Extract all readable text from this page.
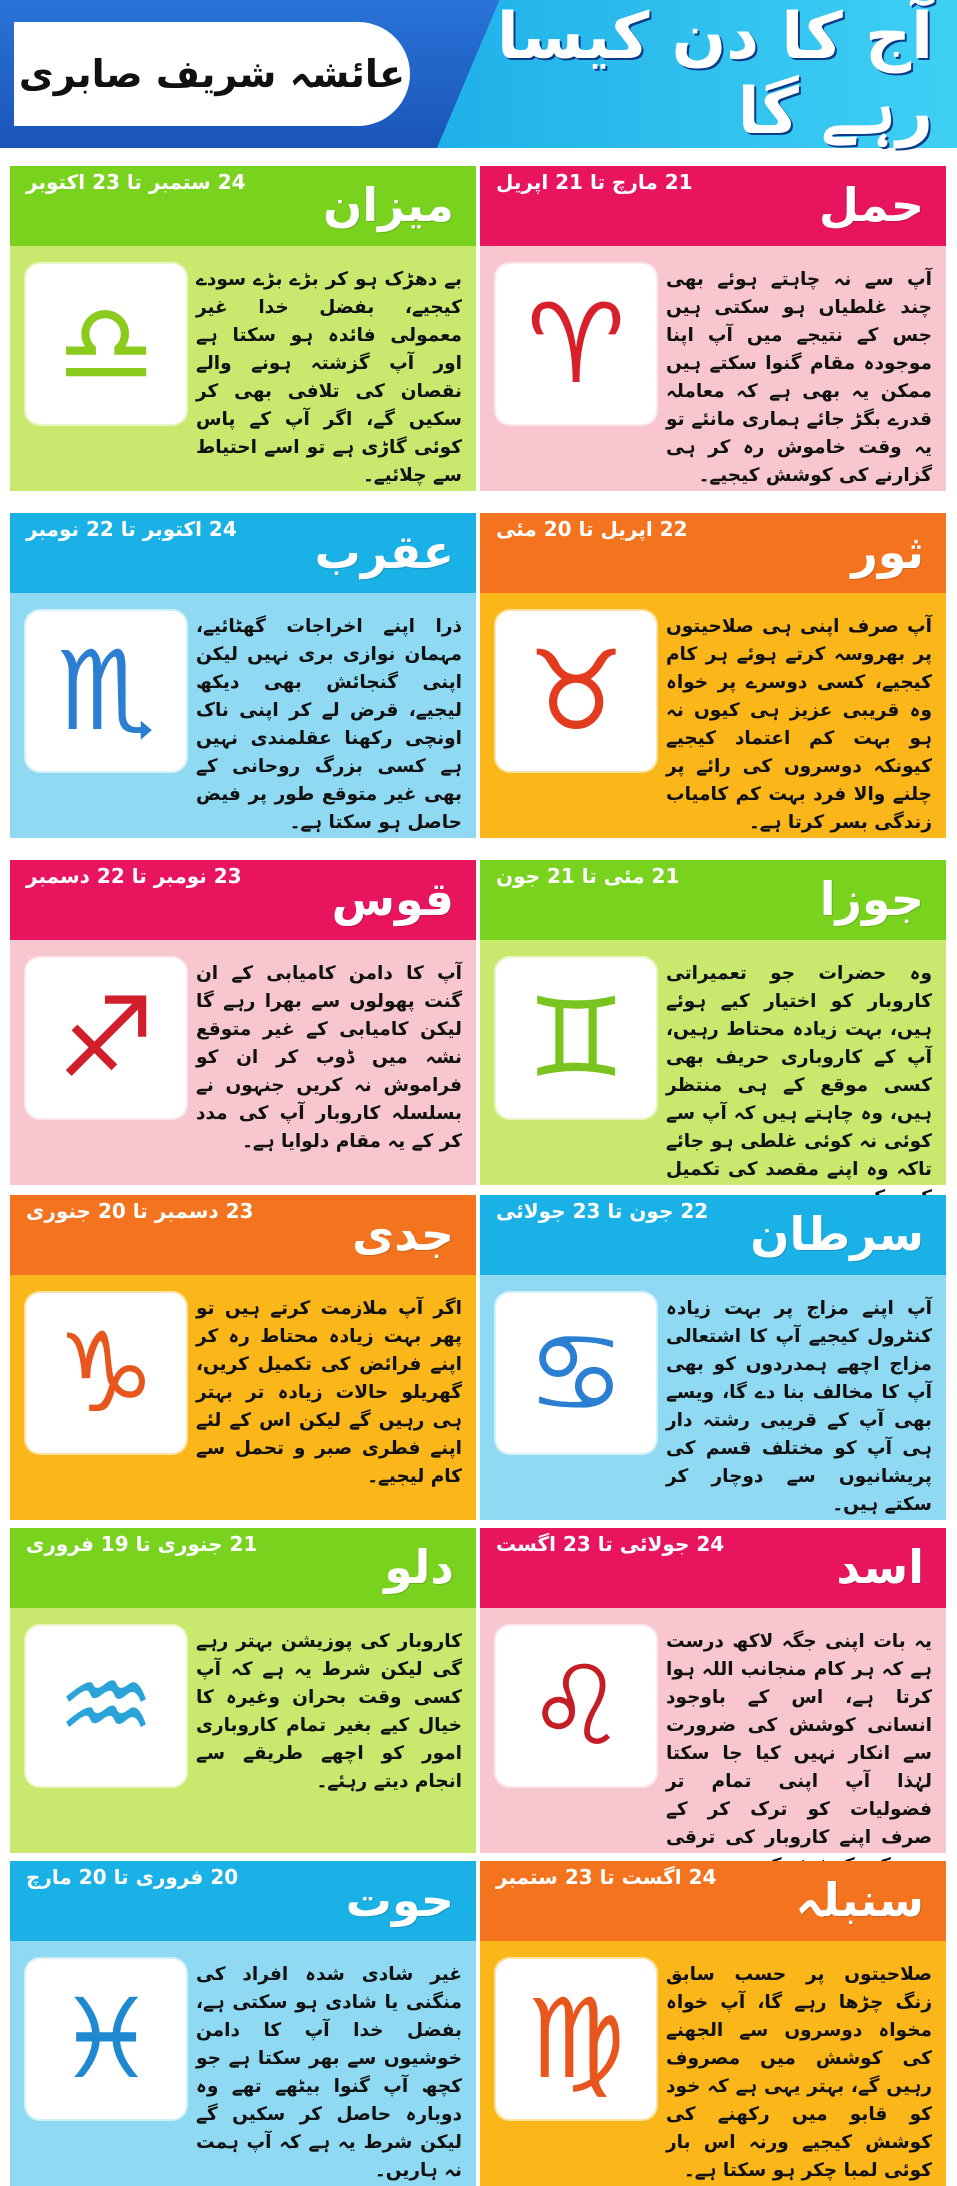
عائشہ شریف صابری
آج کا دن کیسا رہے گا
حمل
21 مارچ تا 21 اپریل
♈
آپ سے نہ چاہتے ہوئے بھی چند غلطیاں ہو سکتی ہیں جس کے نتیجے میں آپ اپنا موجودہ مقام گنوا سکتے ہیں ممکن یہ بھی ہے کہ معاملہ قدرے بگڑ جائے ہماری مانئے تو یہ وقت خاموش رہ کر ہی گزارنے کی کوشش کیجیے۔
میزان
24 ستمبر تا 23 اکتوبر
♎
بے دھڑک ہو کر بڑے بڑے سودے کیجیے، بفضل خدا غیر معمولی فائدہ ہو سکتا ہے اور آپ گزشتہ ہونے والے نقصان کی تلافی بھی کر سکیں گے، اگر آپ کے پاس کوئی گاڑی ہے تو اسے احتیاط سے چلائیے۔
ثور
22 اپریل تا 20 مئی
♉
آپ صرف اپنی ہی صلاحیتوں پر بھروسہ کرتے ہوئے ہر کام کیجیے، کسی دوسرے پر خواہ وہ قریبی عزیز ہی کیوں نہ ہو بہت کم اعتماد کیجیے کیونکہ دوسروں کی رائے پر چلنے والا فرد بہت کم کامیاب زندگی بسر کرتا ہے۔
عقرب
24 اکتوبر تا 22 نومبر
♏
ذرا اپنے اخراجات گھٹائیے، مہمان نوازی بری نہیں لیکن اپنی گنجائش بھی دیکھ لیجیے، قرض لے کر اپنی ناک اونچی رکھنا عقلمندی نہیں ہے کسی بزرگ روحانی کے بھی غیر متوقع طور پر فیض حاصل ہو سکتا ہے۔
جوزا
21 مئی تا 21 جون
♊
وہ حضرات جو تعمیراتی کاروبار کو اختیار کیے ہوئے ہیں، بہت زیادہ محتاط رہیں، آپ کے کاروباری حریف بھی کسی موقع کے ہی منتظر ہیں، وہ چاہتے ہیں کہ آپ سے کوئی نہ کوئی غلطی ہو جائے تاکہ وہ اپنے مقصد کی تکمیل
قوس
23 نومبر تا 22 دسمبر
♐
آپ کا دامن کامیابی کے ان گنت پھولوں سے بھرا رہے گا لیکن کامیابی کے غیر متوقع نشہ میں ڈوب کر ان کو فراموش نہ کریں جنہوں نے بسلسلہ کاروبار آپ کی مدد کر کے یہ مقام دلوایا ہے۔
سرطان
22 جون تا 23 جولائی
♋
آپ اپنے مزاج پر بہت زیادہ کنٹرول کیجیے آپ کا اشتعالی مزاج اچھے ہمدردوں کو بھی آپ کا مخالف بنا دے گا، ویسے بھی آپ کے قریبی رشتہ دار ہی آپ کو مختلف قسم کی پریشانیوں سے دوچار کر سکتے ہیں۔
جدی
23 دسمبر تا 20 جنوری
♑
اگر آپ ملازمت کرتے ہیں تو پھر بہت زیادہ محتاط رہ کر اپنے فرائض کی تکمیل کریں، گھریلو حالات زیادہ تر بہتر ہی رہیں گے لیکن اس کے لئے اپنے فطری صبر و تحمل سے کام لیجیے۔
اسد
24 جولائی تا 23 اگست
♌
یہ بات اپنی جگہ لاکھ درست ہے کہ ہر کام منجانب اللہ ہوا کرتا ہے، اس کے باوجود انسانی کوشش کی ضرورت سے انکار نہیں کیا جا سکتا لہٰذا آپ اپنی تمام تر فضولیات کو ترک کر کے صرف اپنے کاروبار کی ترقی
دلو
21 جنوری تا 19 فروری
♒
کاروبار کی پوزیشن بہتر رہے گی لیکن شرط یہ ہے کہ آپ کسی وقت بحران وغیرہ کا خیال کیے بغیر تمام کاروباری امور کو اچھے طریقے سے انجام دیتے رہئے۔
سنبلہ
24 اگست تا 23 ستمبر
♍
صلاحیتوں پر حسب سابق زنگ چڑھا رہے گا، آپ خواہ مخواہ دوسروں سے الجھنے کی کوشش میں مصروف رہیں گے، بہتر یہی ہے کہ خود کو قابو میں رکھنے کی کوشش کیجیے ورنہ اس بار کوئی لمبا چکر ہو سکتا ہے۔
حوت
20 فروری تا 20 مارچ
♓
غیر شادی شدہ افراد کی منگنی یا شادی ہو سکتی ہے، بفضل خدا آپ کا دامن خوشیوں سے بھر سکتا ہے جو کچھ آپ گنوا بیٹھے تھے وہ دوبارہ حاصل کر سکیں گے لیکن شرط یہ ہے کہ آپ ہمت نہ ہاریں۔
